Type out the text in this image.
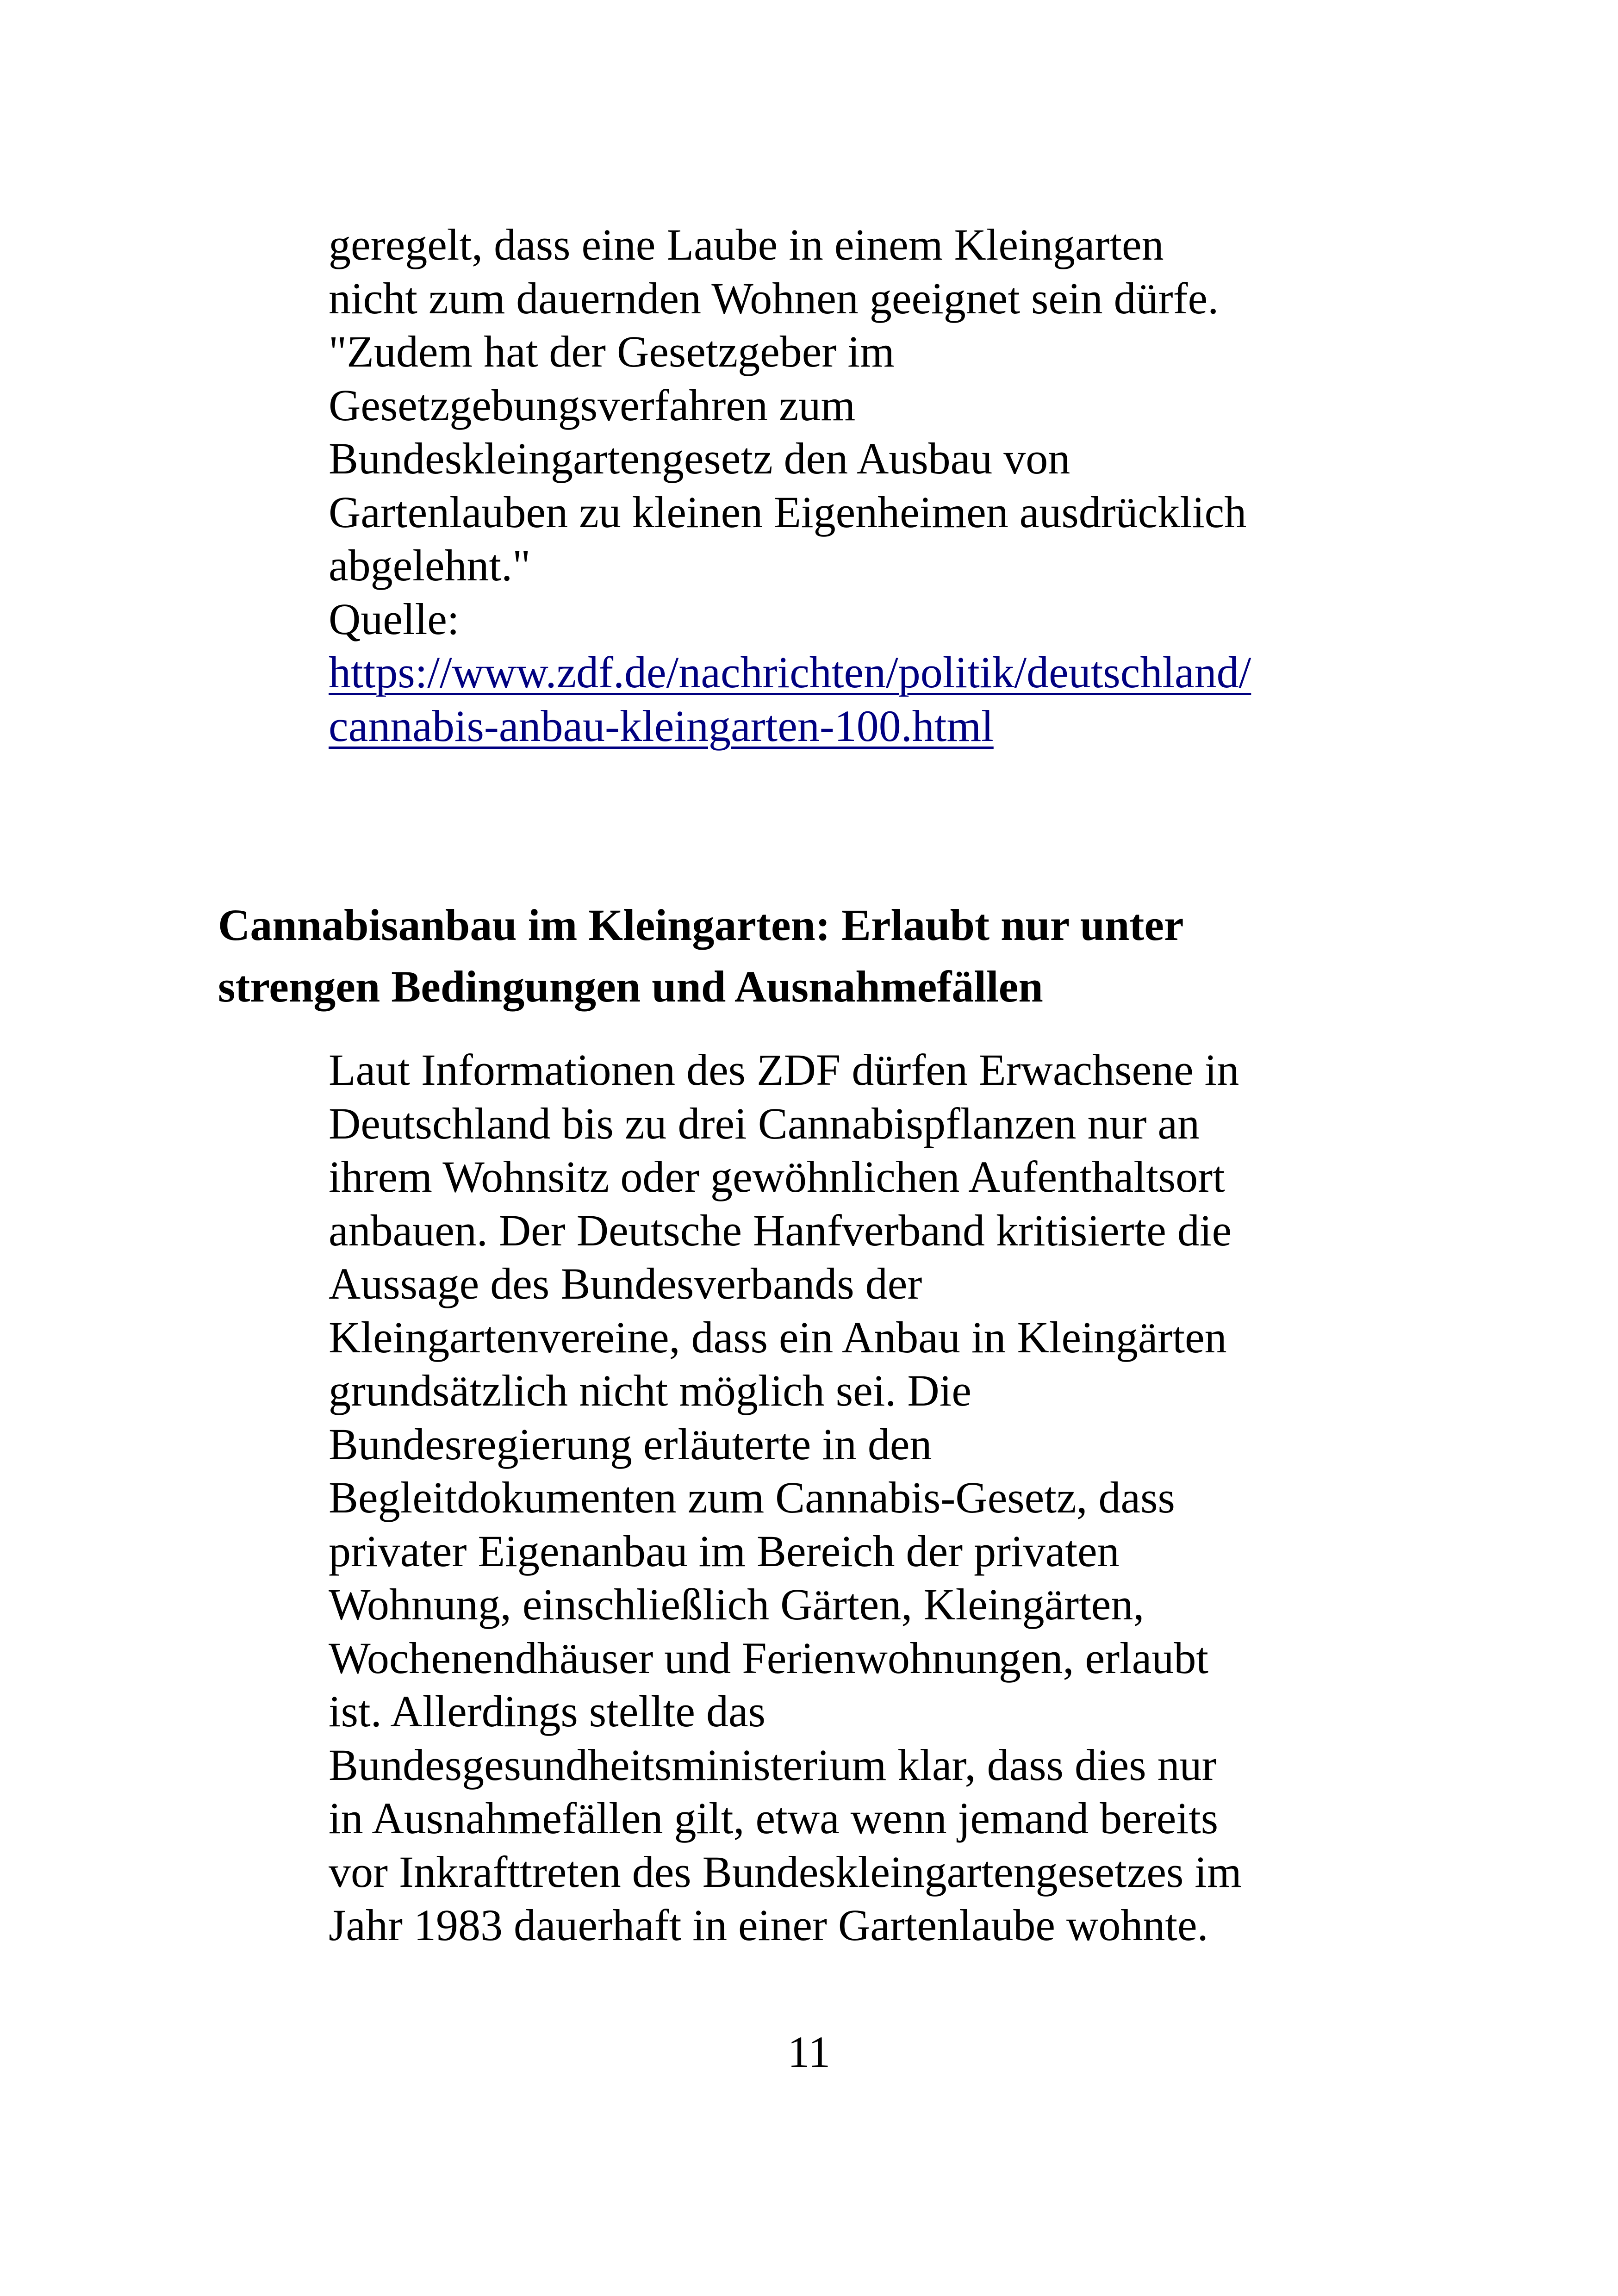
geregelt, dass eine Laube in einem Kleingarten
nicht zum dauernden Wohnen geeignet sein dürfe.
"Zudem hat der Gesetzgeber im
Gesetzgebungsverfahren zum
Bundeskleingartengesetz den Ausbau von
Gartenlauben zu kleinen Eigenheimen ausdrücklich
abgelehnt."
Quelle:
https://www.zdf.de/nachrichten/politik/deutschland/
cannabis-anbau-kleingarten-100.html
Cannabisanbau im Kleingarten: Erlaubt nur unter
strengen Bedingungen und Ausnahmefällen
Laut Informationen des ZDF dürfen Erwachsene in
Deutschland bis zu drei Cannabispflanzen nur an
ihrem Wohnsitz oder gewöhnlichen Aufenthaltsort
anbauen. Der Deutsche Hanfverband kritisierte die
Aussage des Bundesverbands der
Kleingartenvereine, dass ein Anbau in Kleingärten
grundsätzlich nicht möglich sei. Die
Bundesregierung erläuterte in den
Begleitdokumenten zum Cannabis-Gesetz, dass
privater Eigenanbau im Bereich der privaten
Wohnung, einschließlich Gärten, Kleingärten,
Wochenendhäuser und Ferienwohnungen, erlaubt
ist. Allerdings stellte das
Bundesgesundheitsministerium klar, dass dies nur
in Ausnahmefällen gilt, etwa wenn jemand bereits
vor Inkrafttreten des Bundeskleingartengesetzes im
Jahr 1983 dauerhaft in einer Gartenlaube wohnte.
11
